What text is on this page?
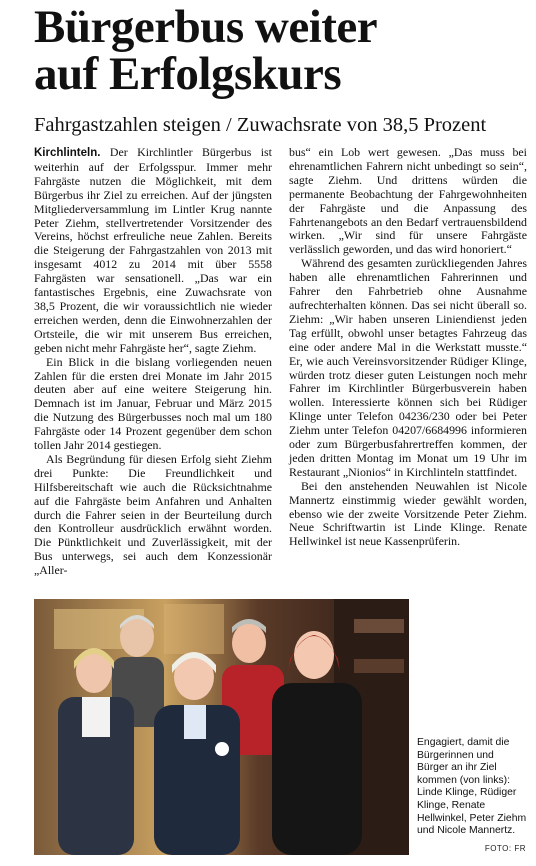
Bürgerbus weiter
auf Erfolgskurs
Fahrgastzahlen steigen / Zuwachsrate von 38,5 Prozent

Kirchlinteln. Der Kirchlintler Bürgerbus ist weiterhin auf der Erfolgsspur. Immer mehr Fahrgäste nutzen die Möglichkeit, mit dem Bürgerbus ihr Ziel zu erreichen. Auf der jüngsten Mitgliederversammlung im Lintler Krug nannte Peter Ziehm, stellvertretender Vorsitzender des Vereins, höchst erfreuliche neue Zahlen. Bereits die Steigerung der Fahrgastzahlen von 2013 mit insgesamt 4012 zu 2014 mit über 5558 Fahrgästen war sensationell. „Das war ein fantastisches Ergebnis, eine Zuwachsrate von 38,5 Prozent, die wir voraussichtlich nie wieder erreichen werden, denn die Einwohnerzahlen der Ortsteile, die wir mit unserem Bus erreichen, geben nicht mehr Fahrgäste her“, sagte Ziehm.

Ein Blick in die bislang vorliegenden neuen Zahlen für die ersten drei Monate im Jahr 2015 deuten aber auf eine weitere Steigerung hin. Demnach ist im Januar, Februar und März 2015 die Nutzung des Bürgerbusses noch mal um 180 Fahrgäste oder 14 Prozent gegenüber dem schon tollen Jahr 2014 gestiegen.

Als Begründung für diesen Erfolg sieht Ziehm drei Punkte: Die Freundlichkeit und Hilfsbereitschaft wie auch die Rücksichtnahme auf die Fahrgäste beim Anfahren und Anhalten durch die Fahrer seien in der Beurteilung durch den Kontrolleur ausdrücklich erwähnt worden. Die Pünktlichkeit und Zuverlässigkeit, mit der Bus unterwegs, sei auch dem Konzessionär „Aller-

bus“ ein Lob wert gewesen. „Das muss bei ehrenamtlichen Fahrern nicht unbedingt so sein“, sagte Ziehm. Und drittens würden die permanente Beobachtung der Fahrgewohnheiten der Fahrgäste und die Anpassung des Fahrtenangebots an den Bedarf vertrauensbildend wirken. „Wir sind für unsere Fahrgäste verlässlich geworden, und das wird honoriert.“

Während des gesamten zurückliegenden Jahres haben alle ehrenamtlichen Fahrerinnen und Fahrer den Fahrbetrieb ohne Ausnahme aufrechterhalten können. Das sei nicht überall so. Ziehm: „Wir haben unseren Liniendienst jeden Tag erfüllt, obwohl unser betagtes Fahrzeug das eine oder andere Mal in die Werkstatt musste.“ Er, wie auch Vereinsvorsitzender Rüdiger Klinge, würden trotz dieser guten Leistungen noch mehr Fahrer im Kirchlintler Bürgerbusverein haben wollen. Interessierte können sich bei Rüdiger Klinge unter Telefon 04236/230 oder bei Peter Ziehm unter Telefon 04207/6684996 informieren oder zum Bürgerbusfahrertreffen kommen, der jeden dritten Montag im Monat um 19 Uhr im Restaurant „Nionios“ in Kirchlinteln stattfindet.

Bei den anstehenden Neuwahlen ist Nicole Mannertz einstimmig wieder gewählt worden, ebenso wie der zweite Vorsitzende Peter Ziehm. Neue Schriftwartin ist Linde Klinge. Renate Hellwinkel ist neue Kassenprüferin.

Engagiert, damit die Bürgerinnen und Bürger an ihr Ziel kommen (von links): Linde Klinge, Rüdiger Klinge, Renate Hellwinkel, Peter Ziehm und Nicole Mannertz.
FOTO: FR
